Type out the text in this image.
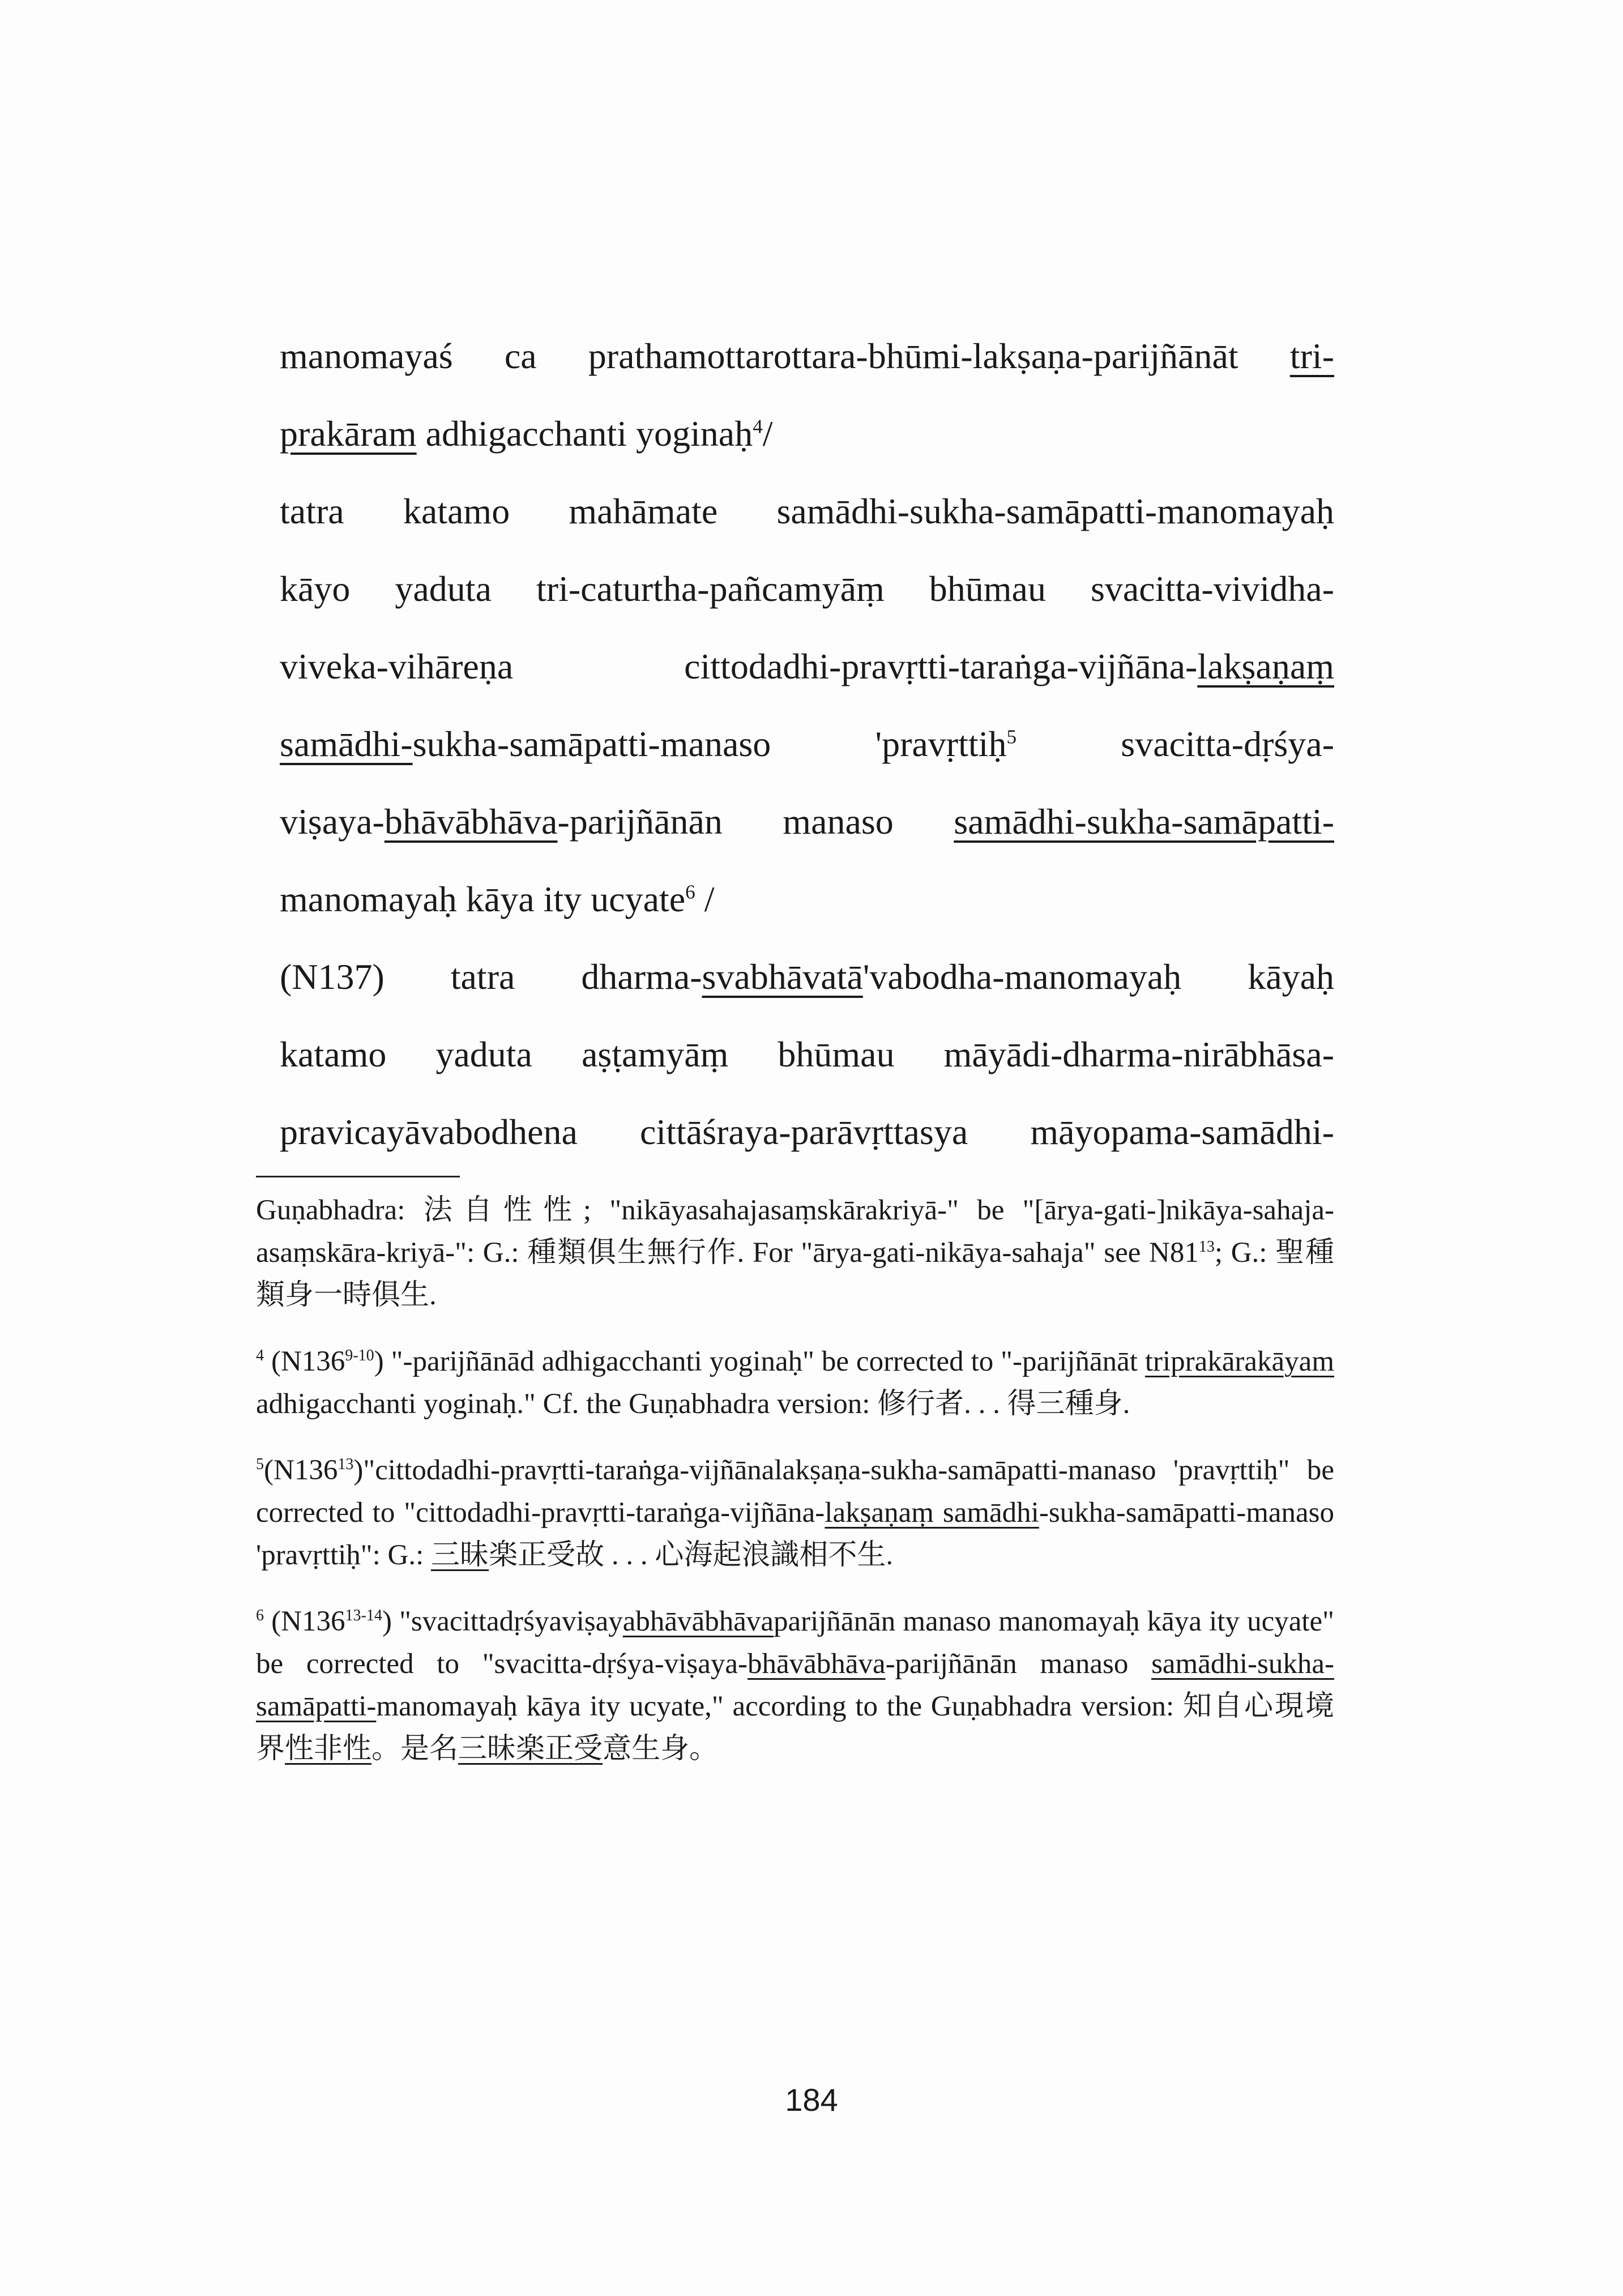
manomayaś ca prathamottarottara-bhūmi-lakṣaṇa-parijñānāt tri-
prakāram adhigacchanti yoginaḥ$^4$/
tatra katamo mahāmate samādhi-sukha-samāpatti-manomayaḥ
kāyo yaduta tri-caturtha-pañcamyāṃ bhūmau svacitta-vividha-
viveka-vihāreṇa cittodadhi-pravṛtti-taraṅga-vijñāna-lakṣaṇaṃ
samādhi-sukha-samāpatti-manaso 'pravṛttiḥ$^5$ svacitta-dṛśya-
viṣaya-bhāvābhāva-parijñānān manaso samādhi-sukha-samāpatti-
manomayaḥ kāya ity ucyate$^6$ /
(N137) tatra dharma-svabhāvatā'vabodha-manomayaḥ kāyaḥ
katamo yaduta aṣṭamyāṃ bhūmau māyādi-dharma-nirābhāsa-
pravicayāvabodhena cittāśraya-parāvṛttasya māyopama-samādhi-
Guṇabhadra: 法自性性; "nikāyasahajasaṃskārakriyā-" be "[ārya-gati-]nikāya-sahaja-asaṃskāra-kriyā-": G.: 種類俱生無行作. For "ārya-gati-nikāya-sahaja" see $N81^{13}$; G.: 聖種類身一時俱生.
$^4$ (N136$^{9-10}$) "-parijñānād adhigacchanti yoginaḥ" be corrected to "-parijñānāt triprakārakāyam adhigacchanti yoginaḥ." Cf. the Guṇabhadra version: 修行者. . . 得三種身.
$^5(N136^{13})"cittodadhi-pravṛtti-taraṅga-vijñānalakṣaṇa-sukha-samāpatti$-manaso 'pravṛttiḥ" be corrected to "cittodadhi-pravṛtti-taraṅga-vijñāna-lakṣaṇaṃ samādhi-sukha-samāpatti-manaso 'pravṛttiḥ": G.: 三昧楽正受故 . . . 心海起浪識相不生.
$^6$ (N136$^{13-14}$) "svacittadṛśyaviṣayabhāvābhāvaparijñānān manaso manomayaḥ kāya ity ucyate" be corrected to "svacitta-dṛśya-viṣaya-bhāvābhāva-parijñānān manaso samādhi-sukha-samāpatti-manomayaḥ kāya ity ucyate," according to the Guṇabhadra version: 知自心現境界性非性。是名三昧楽正受意生身。
184
